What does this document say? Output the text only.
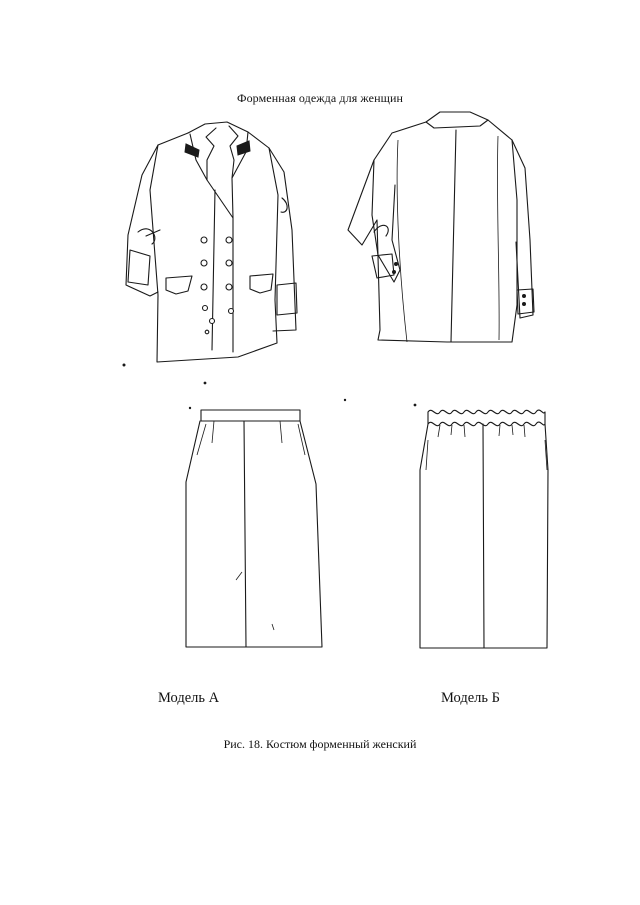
Форменная одежда для женщин
Модель А	Модель Б
Рис. 18. Костюм форменный женский
